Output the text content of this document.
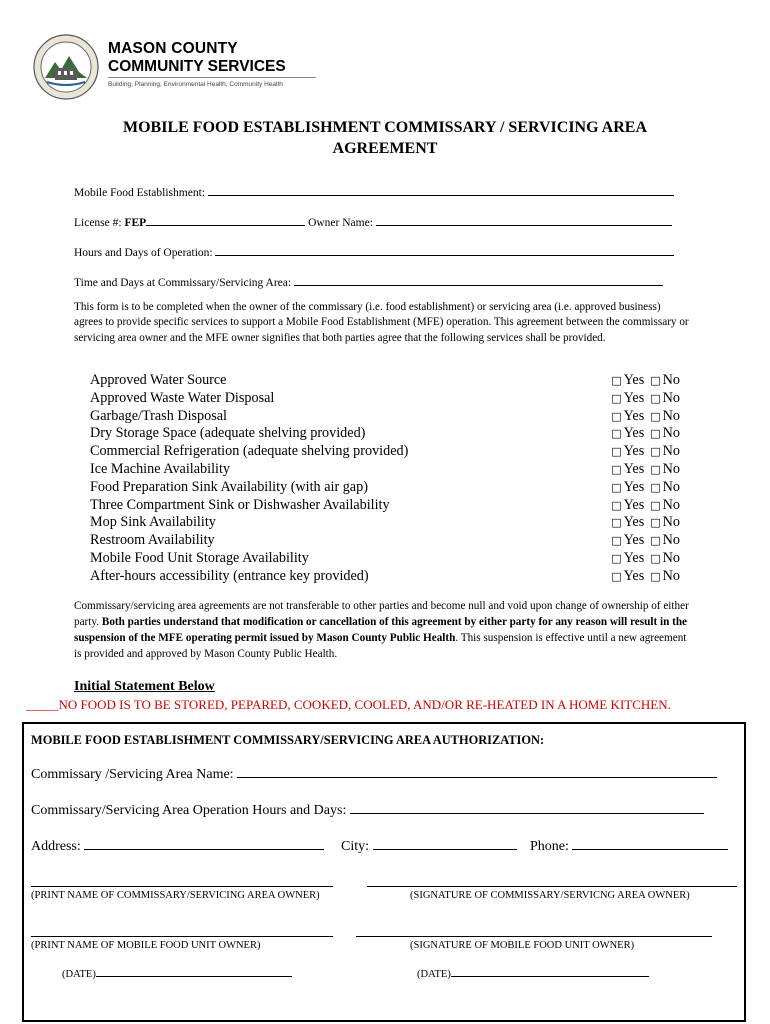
MASON COUNTY
COMMUNITY SERVICES
Building, Planning, Environmental Health, Community Health
MOBILE FOOD ESTABLISHMENT COMMISSARY / SERVICING AREA
AGREEMENT
Mobile Food Establishment:
License #: FEP	Owner Name:
Hours and Days of Operation:
Time and Days at Commissary/Servicing Area:
This form is to be completed when the owner of the commissary (i.e. food establishment) or servicing area (i.e. approved business) agrees to provide specific services to support a Mobile Food Establishment (MFE) operation. This agreement between the commissary or servicing area owner and the MFE owner signifies that both parties agree that the following services shall be provided.
Approved Water Source	□ Yes □ No
Approved Waste Water Disposal	□ Yes □ No
Garbage/Trash Disposal	□ Yes □ No
Dry Storage Space (adequate shelving provided)	□ Yes □ No
Commercial Refrigeration (adequate shelving provided)	□ Yes □ No
Ice Machine Availability	□ Yes □ No
Food Preparation Sink Availability (with air gap)	□ Yes □ No
Three Compartment Sink or Dishwasher Availability	□ Yes □ No
Mop Sink Availability	□ Yes □ No
Restroom Availability	□ Yes □ No
Mobile Food Unit Storage Availability	□ Yes □ No
After-hours accessibility (entrance key provided)	□ Yes □ No
Commissary/servicing area agreements are not transferable to other parties and become null and void upon change of ownership of either party. Both parties understand that modification or cancellation of this agreement by either party for any reason will result in the suspension of the MFE operating permit issued by Mason County Public Health. This suspension is effective until a new agreement is provided and approved by Mason County Public Health.
Initial Statement Below
_____NO FOOD IS TO BE STORED, PEPARED, COOKED, COOLED, AND/OR RE-HEATED IN A HOME KITCHEN.
MOBILE FOOD ESTABLISHMENT COMMISSARY/SERVICING AREA AUTHORIZATION:
Commissary /Servicing Area Name:
Commissary/Servicing Area Operation Hours and Days:
Address:	City:	Phone:
(PRINT NAME OF COMMISSARY/SERVICING AREA OWNER)	(SIGNATURE OF COMMISSARY/SERVICNG AREA OWNER)
(PRINT NAME OF MOBILE FOOD UNIT OWNER)	(SIGNATURE OF MOBILE FOOD UNIT OWNER)
(DATE)	(DATE)
